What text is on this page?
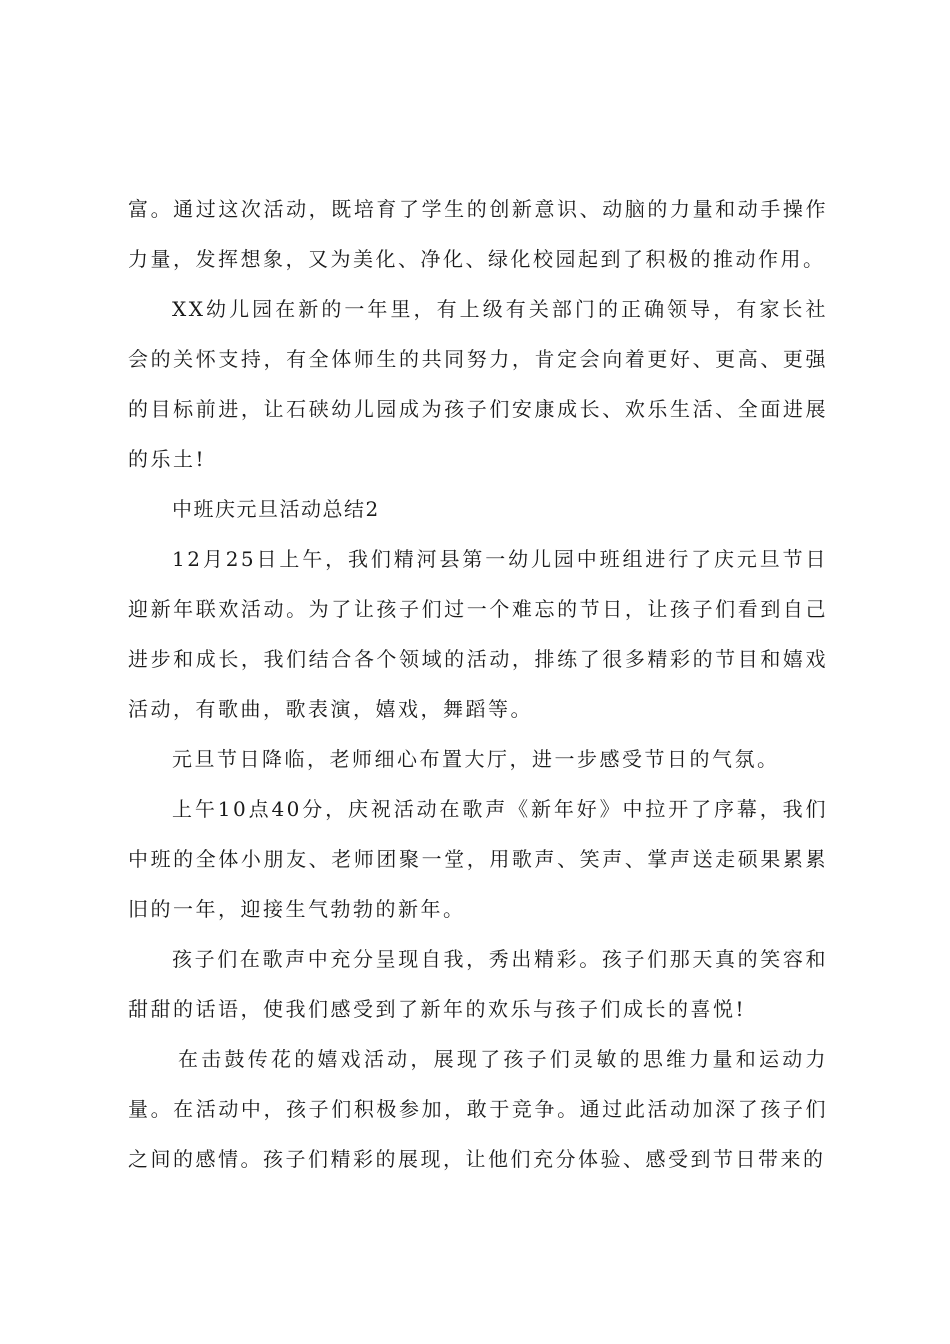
富。通过这次活动，既培育了学生的创新意识、动脑的力量和动手操作力量，发挥想象，又为美化、净化、绿化校园起到了积极的推动作用。

XX幼儿园在新的一年里，有上级有关部门的正确领导，有家长社会的关怀支持，有全体师生的共同努力，肯定会向着更好、更高、更强的目标前进，让石硖幼儿园成为孩子们安康成长、欢乐生活、全面进展的乐土!

中班庆元旦活动总结2

12月25日上午，我们精河县第一幼儿园中班组进行了庆元旦节日迎新年联欢活动。为了让孩子们过一个难忘的节日，让孩子们看到自己进步和成长，我们结合各个领域的活动，排练了很多精彩的节目和嬉戏活动，有歌曲，歌表演，嬉戏，舞蹈等。

元旦节日降临，老师细心布置大厅，进一步感受节日的气氛。

上午10点40分，庆祝活动在歌声《新年好》中拉开了序幕，我们中班的全体小朋友、老师团聚一堂，用歌声、笑声、掌声送走硕果累累旧的一年，迎接生气勃勃的新年。

孩子们在歌声中充分呈现自我，秀出精彩。孩子们那天真的笑容和甜甜的话语，使我们感受到了新年的欢乐与孩子们成长的喜悦!

在击鼓传花的嬉戏活动，展现了孩子们灵敏的思维力量和运动力量。在活动中，孩子们积极参加，敢于竞争。通过此活动加深了孩子们之间的感情。孩子们精彩的展现，让他们充分体验、感受到节日带来的
